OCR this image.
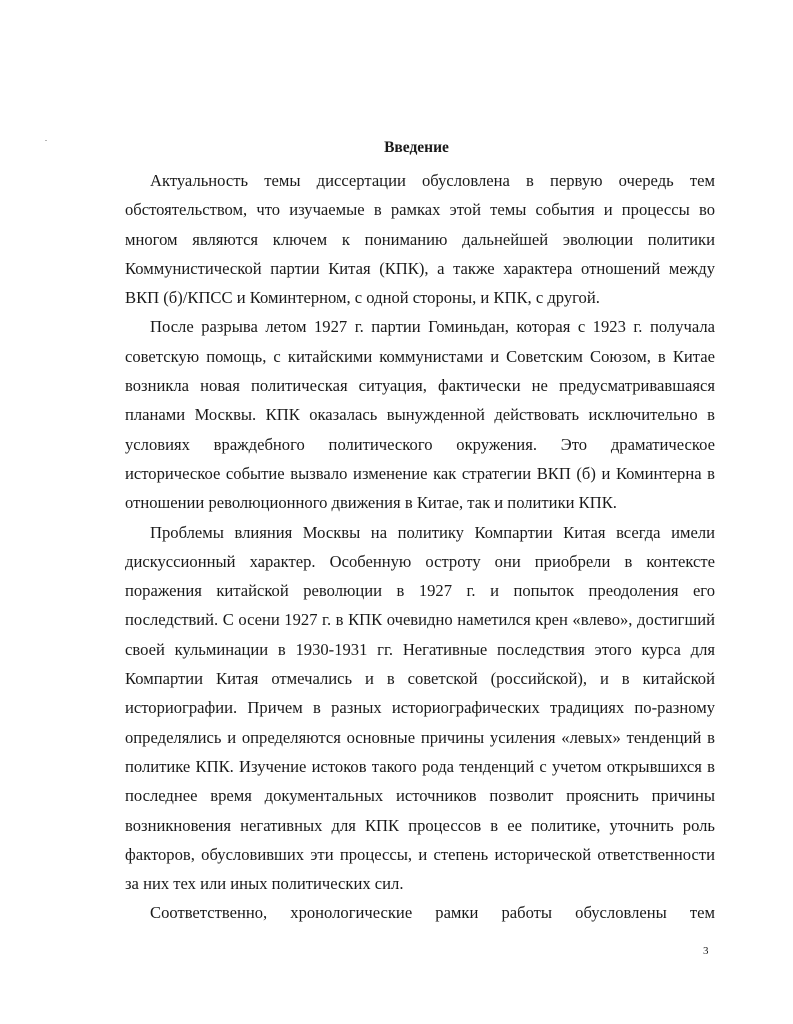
Введение

Актуальность темы диссертации обусловлена в первую очередь тем обстоятельством, что изучаемые в рамках этой темы события и процессы во многом являются ключем к пониманию дальнейшей эволюции политики Коммунистической партии Китая (КПК), а также характера отношений между ВКП (б)/КПСС и Коминтерном, с одной стороны, и КПК, с другой.

После разрыва летом 1927 г. партии Гоминьдан, которая с 1923 г. получала советскую помощь, с китайскими коммунистами и Советским Союзом, в Китае возникла новая политическая ситуация, фактически не предусматривавшаяся планами Москвы. КПК оказалась вынужденной действовать исключительно в условиях враждебного политического окружения. Это драматическое историческое событие вызвало изменение как стратегии ВКП (б) и Коминтерна в отношении революционного движения в Китае, так и политики КПК.

Проблемы влияния Москвы на политику Компартии Китая всегда имели дискуссионный характер. Особенную остроту они приобрели в контексте поражения китайской революции в 1927 г. и попыток преодоления его последствий. С осени 1927 г. в КПК очевидно наметился крен «влево», достигший своей кульминации в 1930-1931 гг. Негативные последствия этого курса для Компартии Китая отмечались и в советской (российской), и в китайской историографии. Причем в разных историографических традициях по-разному определялись и определяются основные причины усиления «левых» тенденций в политике КПК. Изучение истоков такого рода тенденций с учетом открывшихся в последнее время документальных источников позволит прояснить причины возникновения негативных для КПК процессов в ее политике, уточнить роль факторов, обусловивших эти процессы, и степень исторической ответственности за них тех или иных политических сил.

Соответственно, хронологические рамки работы обусловлены тем

3
